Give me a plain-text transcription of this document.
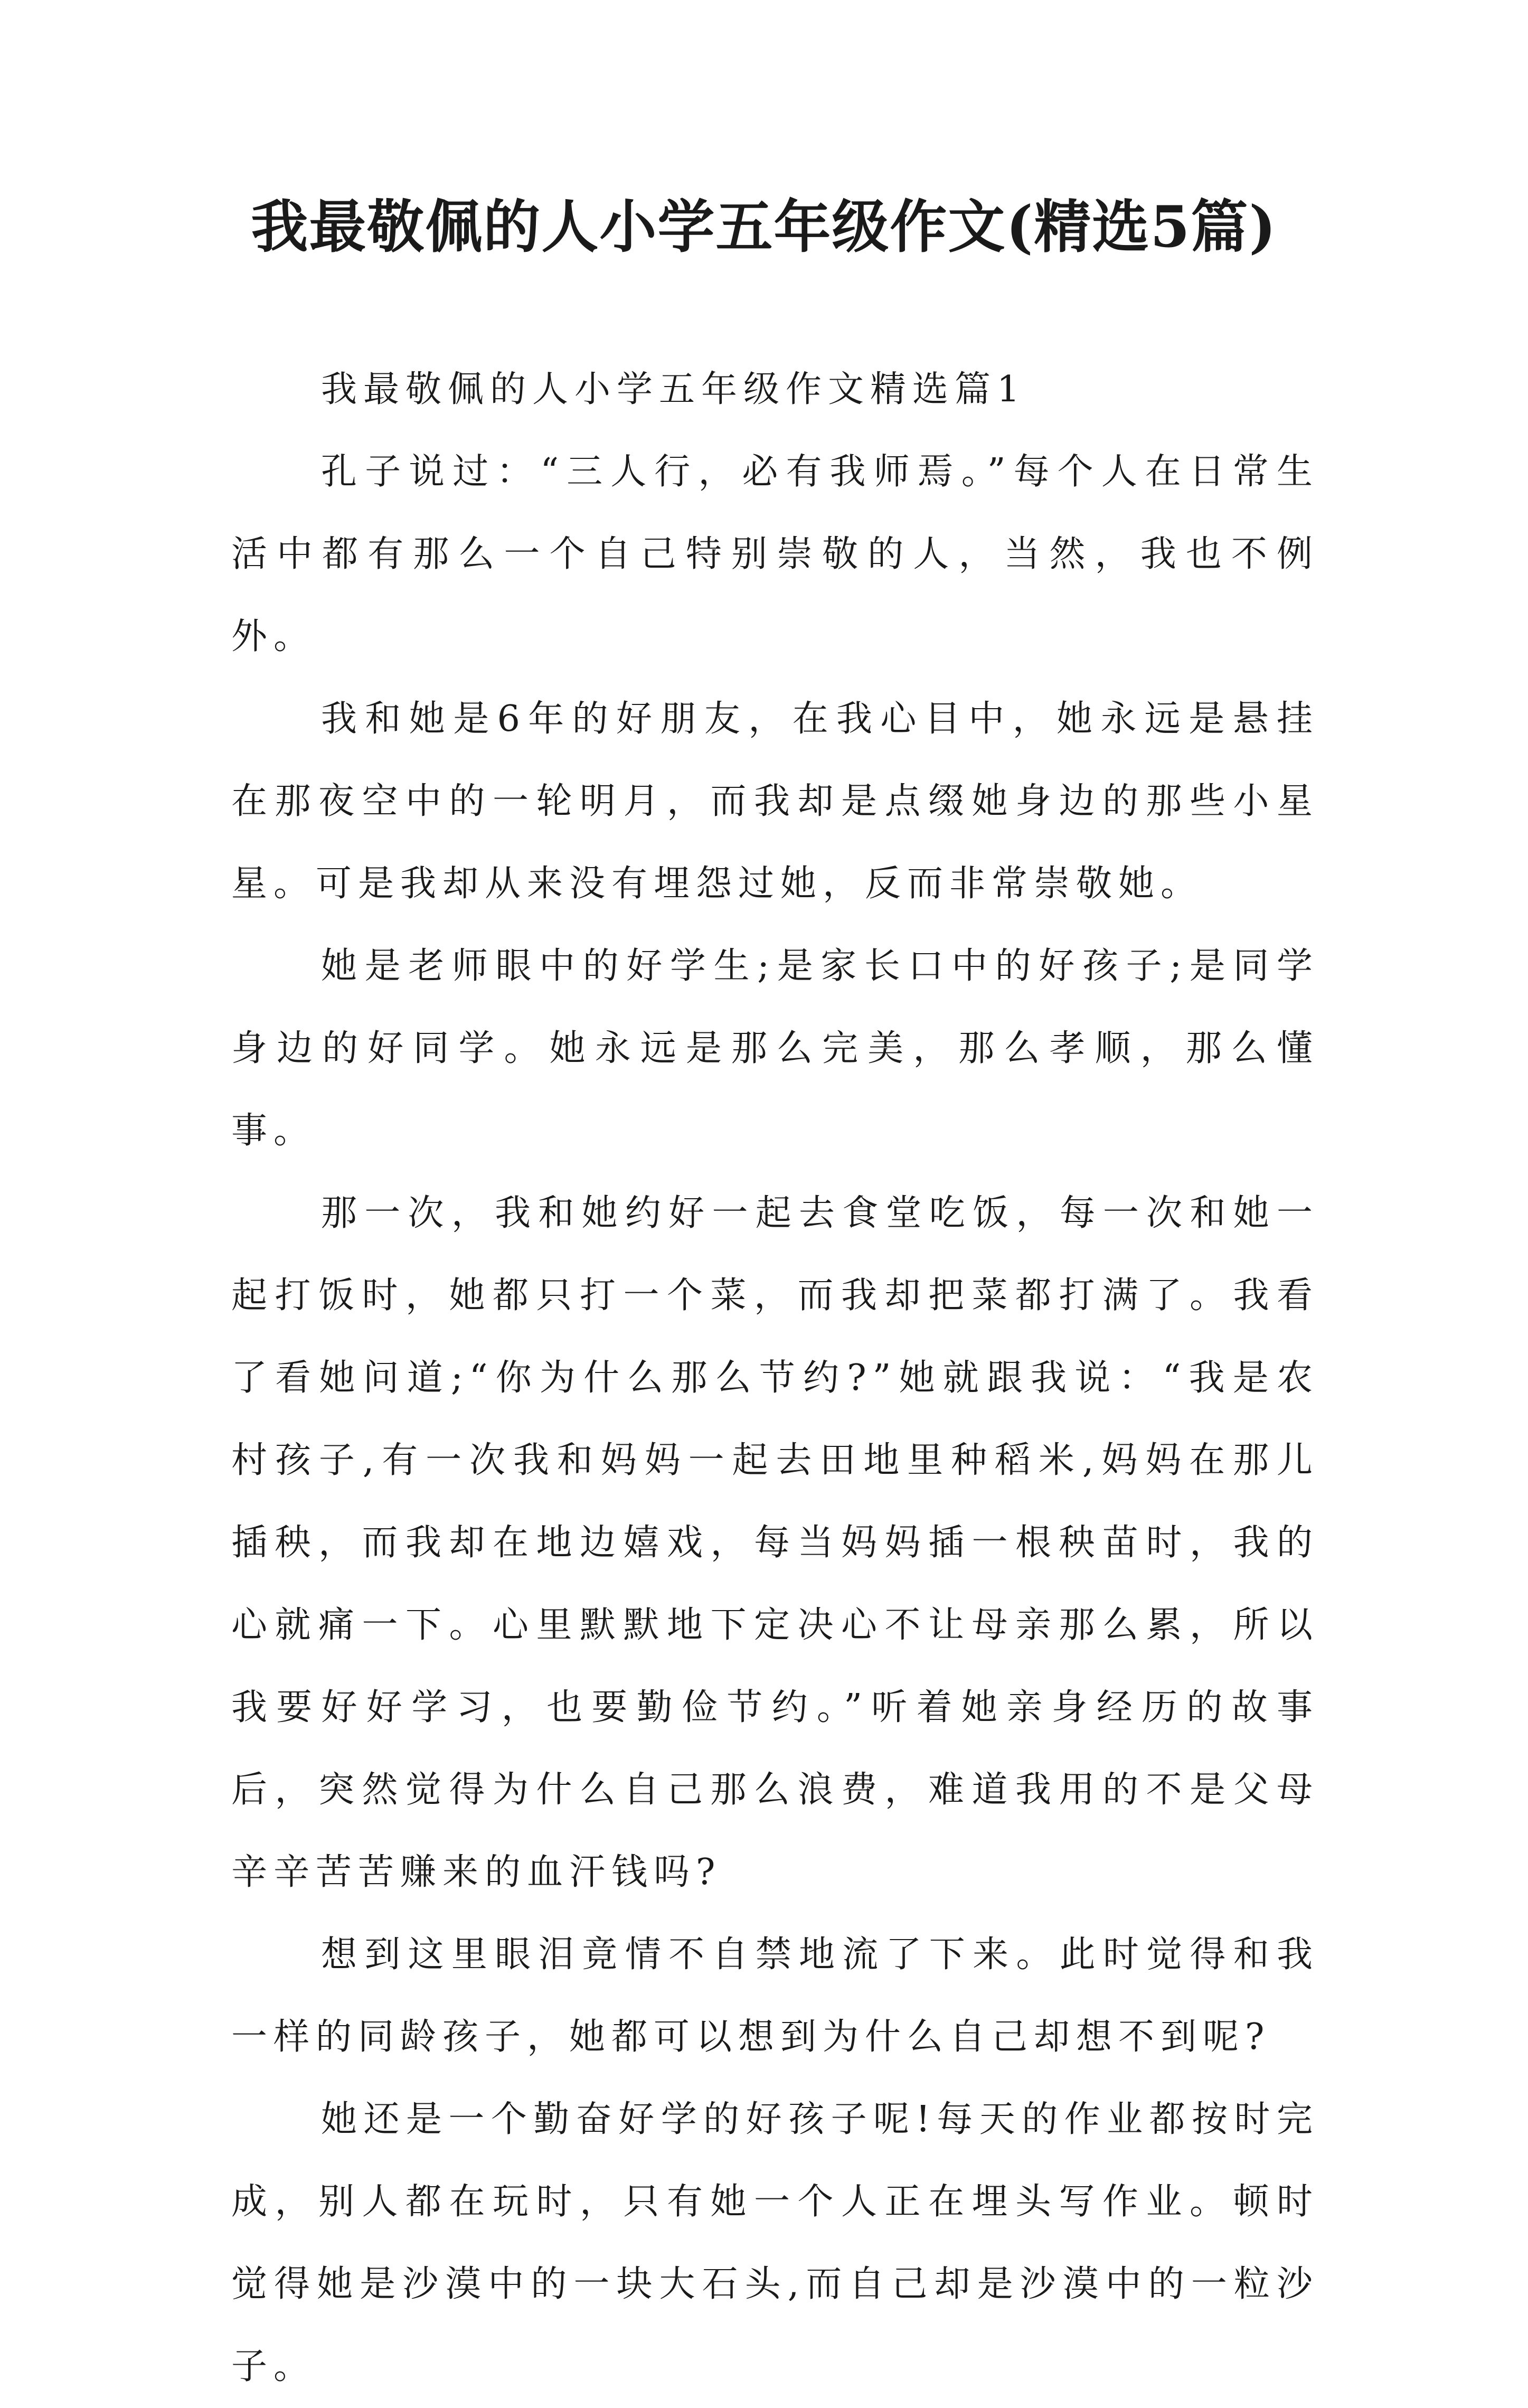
我最敬佩的人小学五年级作文(精选5篇)

我最敬佩的人小学五年级作文精选篇1

孔子说过：“三人行，必有我师焉。”每个人在日常生活中都有那么一个自己特别崇敬的人，当然，我也不例外。

我和她是6年的好朋友，在我心目中，她永远是悬挂在那夜空中的一轮明月，而我却是点缀她身边的那些小星星。可是我却从来没有埋怨过她，反而非常崇敬她。

她是老师眼中的好学生;是家长口中的好孩子;是同学身边的好同学。她永远是那么完美，那么孝顺，那么懂事。

那一次，我和她约好一起去食堂吃饭，每一次和她一起打饭时，她都只打一个菜，而我却把菜都打满了。我看了看她问道;“你为什么那么节约?”她就跟我说：“我是农村孩子,有一次我和妈妈一起去田地里种稻米,妈妈在那儿插秧，而我却在地边嬉戏，每当妈妈插一根秧苗时，我的心就痛一下。心里默默地下定决心不让母亲那么累，所以我要好好学习，也要勤俭节约。”听着她亲身经历的故事后，突然觉得为什么自己那么浪费，难道我用的不是父母辛辛苦苦赚来的血汗钱吗?

想到这里眼泪竟情不自禁地流了下来。此时觉得和我一样的同龄孩子，她都可以想到为什么自己却想不到呢?

她还是一个勤奋好学的好孩子呢!每天的作业都按时完成，别人都在玩时，只有她一个人正在埋头写作业。顿时觉得她是沙漠中的一块大石头,而自己却是沙漠中的一粒沙子。
